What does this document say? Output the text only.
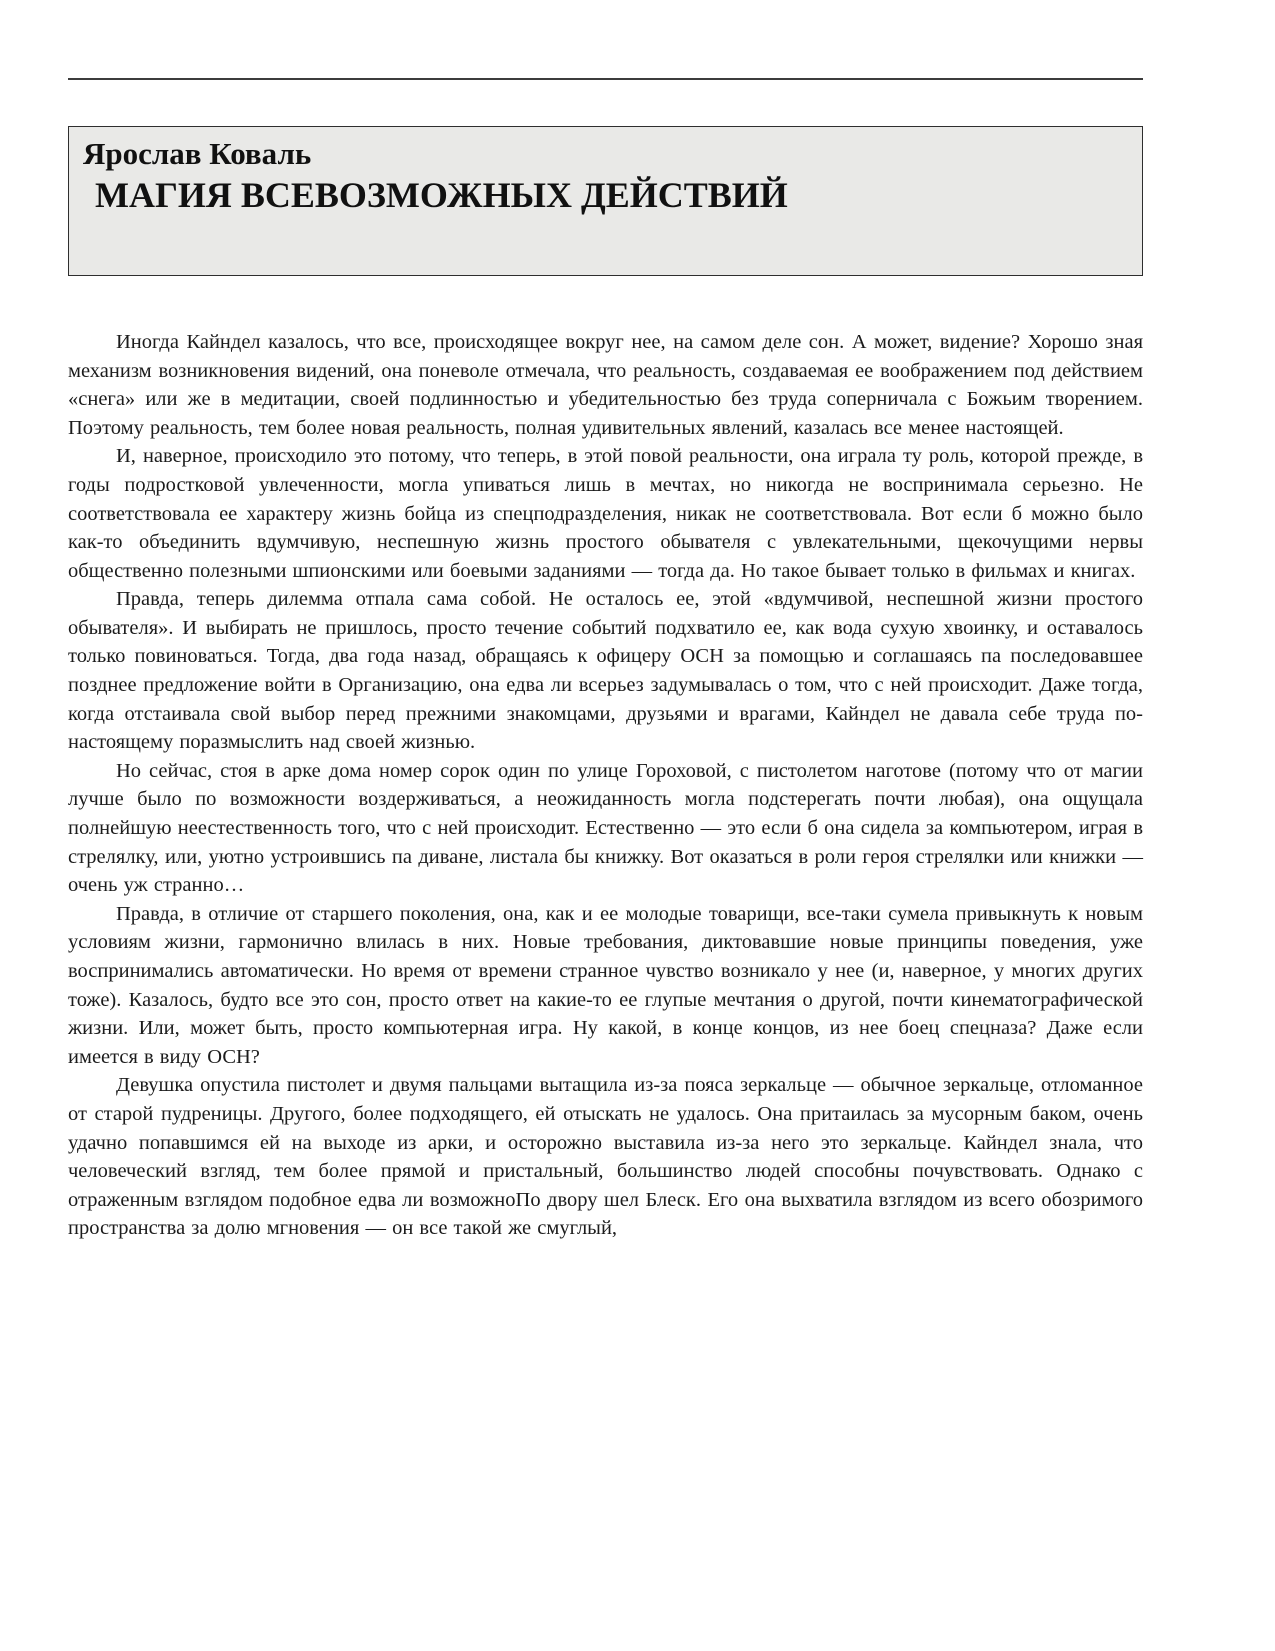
Ярослав Коваль
МАГИЯ ВСЕВОЗМОЖНЫХ ДЕЙСТВИЙ

Иногда Кайндел казалось, что все, происходящее вокруг нее, на самом деле сон. А может, видение? Хорошо зная механизм возникновения видений, она поневоле отмечала, что реальность, создаваемая ее воображением под действием «снега» или же в медитации, своей подлинностью и убедительностью без труда соперничала с Божьим творением. Поэтому реальность, тем более новая реальность, полная удивительных явлений, казалась все менее настоящей.

И, наверное, происходило это потому, что теперь, в этой повой реальности, она играла ту роль, которой прежде, в годы подростковой увлеченности, могла упиваться лишь в мечтах, но никогда не воспринимала серьезно. Не соответствовала ее характеру жизнь бойца из спецподразделения, никак не соответствовала. Вот если б можно было как-то объединить вдумчивую, неспешную жизнь простого обывателя с увлекательными, щекочущими нервы общественно полезными шпионскими или боевыми заданиями — тогда да. Но такое бывает только в фильмах и книгах.

Правда, теперь дилемма отпала сама собой. Не осталось ее, этой «вдумчивой, неспешной жизни простого обывателя». И выбирать не пришлось, просто течение событий подхватило ее, как вода сухую хвоинку, и оставалось только повиноваться. Тогда, два года назад, обращаясь к офицеру ОСН за помощью и соглашаясь па последовавшее позднее предложение войти в Организацию, она едва ли всерьез задумывалась о том, что с ней происходит. Даже тогда, когда отстаивала свой выбор перед прежними знакомцами, друзьями и врагами, Кайндел не давала себе труда по-настоящему поразмыслить над своей жизнью.

Но сейчас, стоя в арке дома номер сорок один по улице Гороховой, с пистолетом наготове (потому что от магии лучше было по возможности воздерживаться, а неожиданность могла подстерегать почти любая), она ощущала полнейшую неестественность того, что с ней происходит. Естественно — это если б она сидела за компьютером, играя в стрелялку, или, уютно устроившись па диване, листала бы книжку. Вот оказаться в роли героя стрелялки или книжки — очень уж странно…

Правда, в отличие от старшего поколения, она, как и ее молодые товарищи, все-таки сумела привыкнуть к новым условиям жизни, гармонично влилась в них. Новые требования, диктовавшие новые принципы поведения, уже воспринимались автоматически. Но время от времени странное чувство возникало у нее (и, наверное, у многих других тоже). Казалось, будто все это сон, просто ответ на какие-то ее глупые мечтания о другой, почти кинематографической жизни. Или, может быть, просто компьютерная игра. Ну какой, в конце концов, из нее боец спецназа? Даже если имеется в виду ОСН?

Девушка опустила пистолет и двумя пальцами вытащила из-за пояса зеркальце — обычное зеркальце, отломанное от старой пудреницы. Другого, более подходящего, ей отыскать не удалось. Она притаилась за мусорным баком, очень удачно попавшимся ей на выходе из арки, и осторожно выставила из-за него это зеркальце. Кайндел знала, что человеческий взгляд, тем более прямой и пристальный, большинство людей способны почувствовать. Однако с отраженным взглядом подобное едва ли возможноПо двору шел Блеск. Его она выхватила взглядом из всего обозримого пространства за долю мгновения — он все такой же смуглый,
